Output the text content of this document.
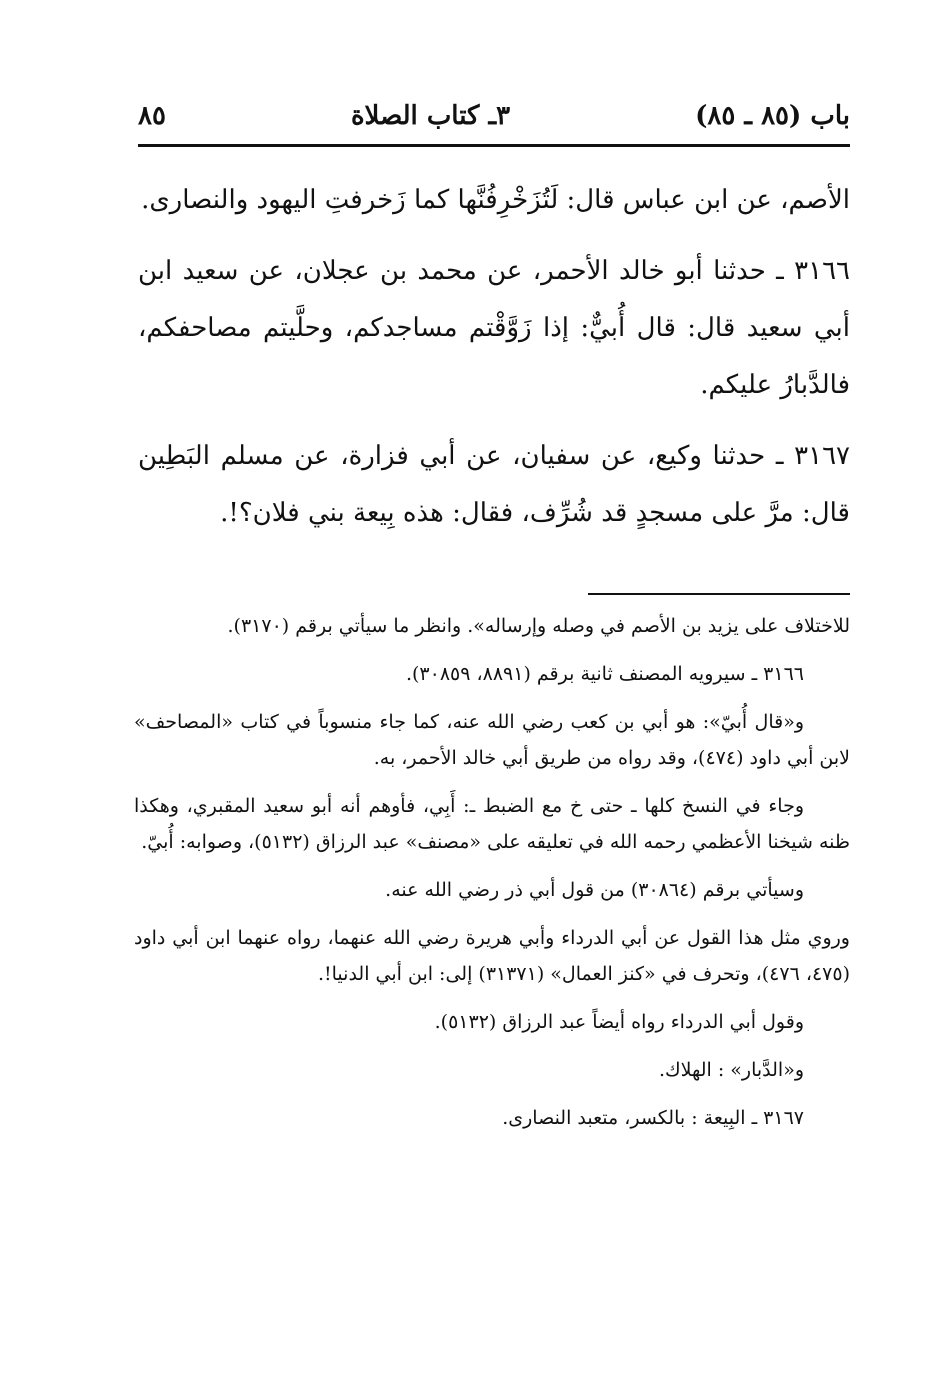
باب (٨٥ ـ ٨٥)
٣ـ كتاب الصلاة
٨٥

الأصم، عن ابن عباس قال: لَتُزَخْرِفُنَّها كما زَخرفتِ اليهود والنصارى.

٣١٦٦ ـ حدثنا أبو خالد الأحمر، عن محمد بن عجلان، عن سعيد ابن أبي سعيد قال: قال أُبيٌّ: إذا زَوَّقْتم مساجدكم، وحلَّيتم مصاحفكم، فالدَّبارُ عليكم.

٣١٦٧ ـ حدثنا وكيع، عن سفيان، عن أبي فزارة، عن مسلم البَطِين قال: مرَّ على مسجدٍ قد شُرِّف، فقال: هذه بِيعة بني فلان؟!.

للاختلاف على يزيد بن الأصم في وصله وإرساله». وانظر ما سيأتي برقم (٣١٧٠).

٣١٦٦ ـ سيرويه المصنف ثانية برقم (٨٨٩١، ٣٠٨٥٩).

و«قال أُبيّ»: هو أبي بن كعب رضي الله عنه، كما جاء منسوباً في كتاب «المصاحف» لابن أبي داود (٤٧٤)، وقد رواه من طريق أبي خالد الأحمر، به.

وجاء في النسخ كلها ـ حتى خ مع الضبط ـ: أَبِي، فأوهم أنه أبو سعيد المقبري، وهكذا ظنه شيخنا الأعظمي رحمه الله في تعليقه على «مصنف» عبد الرزاق (٥١٣٢)، وصوابه: أُبيّ.

وسيأتي برقم (٣٠٨٦٤) من قول أبي ذر رضي الله عنه.

وروي مثل هذا القول عن أبي الدرداء وأبي هريرة رضي الله عنهما، رواه عنهما ابن أبي داود (٤٧٥، ٤٧٦)، وتحرف في «كنز العمال» (٣١٣٧١) إلى: ابن أبي الدنيا!.

وقول أبي الدرداء رواه أيضاً عبد الرزاق (٥١٣٢).

و«الدَّبار» : الهلاك.

٣١٦٧ ـ البِيعة : بالكسر، متعبد النصارى.
